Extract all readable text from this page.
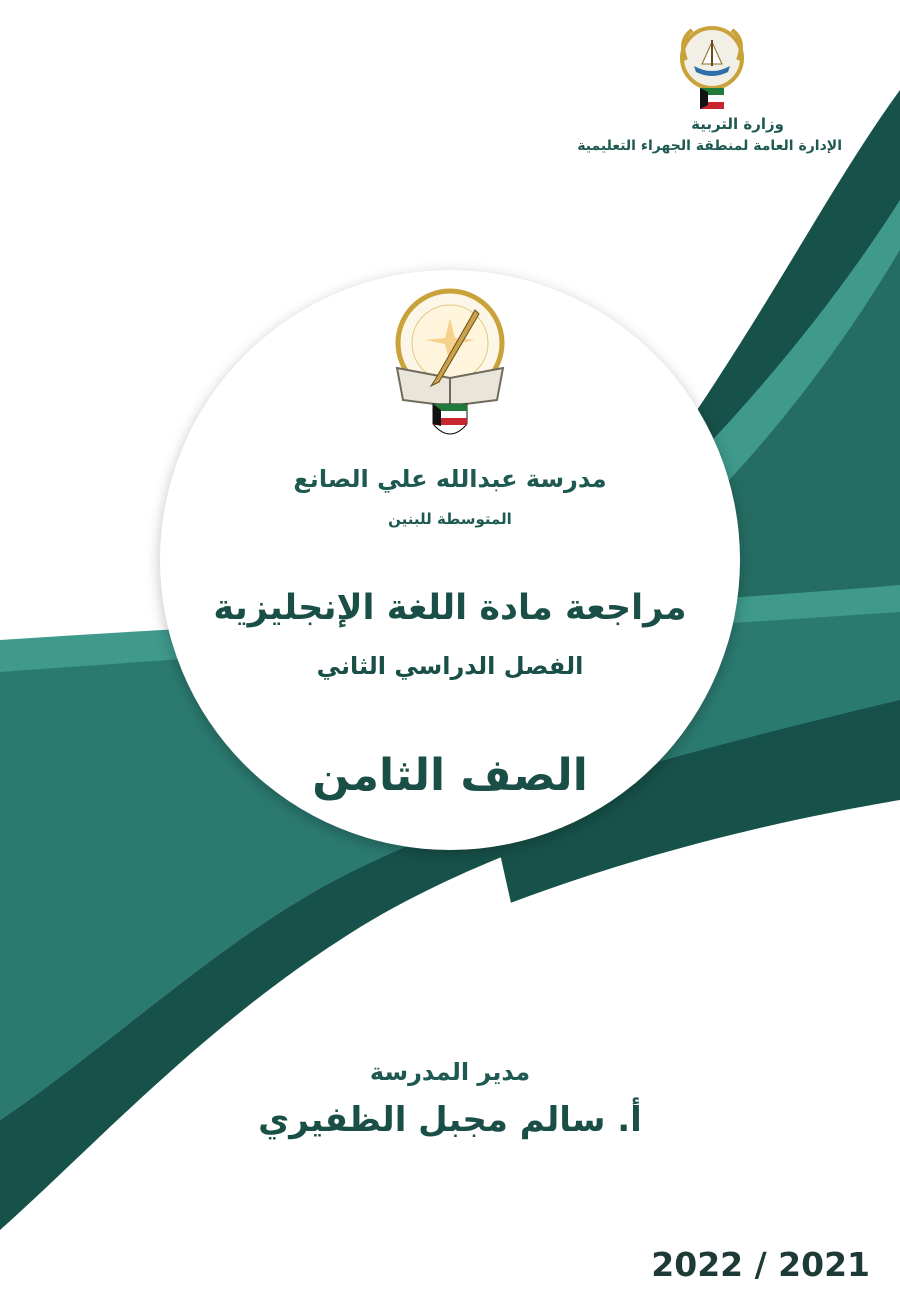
وزارة التربية
الإدارة العامة لمنطقة الجهراء التعليمية
مدرسة عبدالله علي الصانع
المتوسطة للبنين
مراجعة مادة اللغة الإنجليزية
الفصل الدراسي الثاني
الصف الثامن
مدير المدرسة
أ. سالم مجبل الظفيري
2022 / 2021
